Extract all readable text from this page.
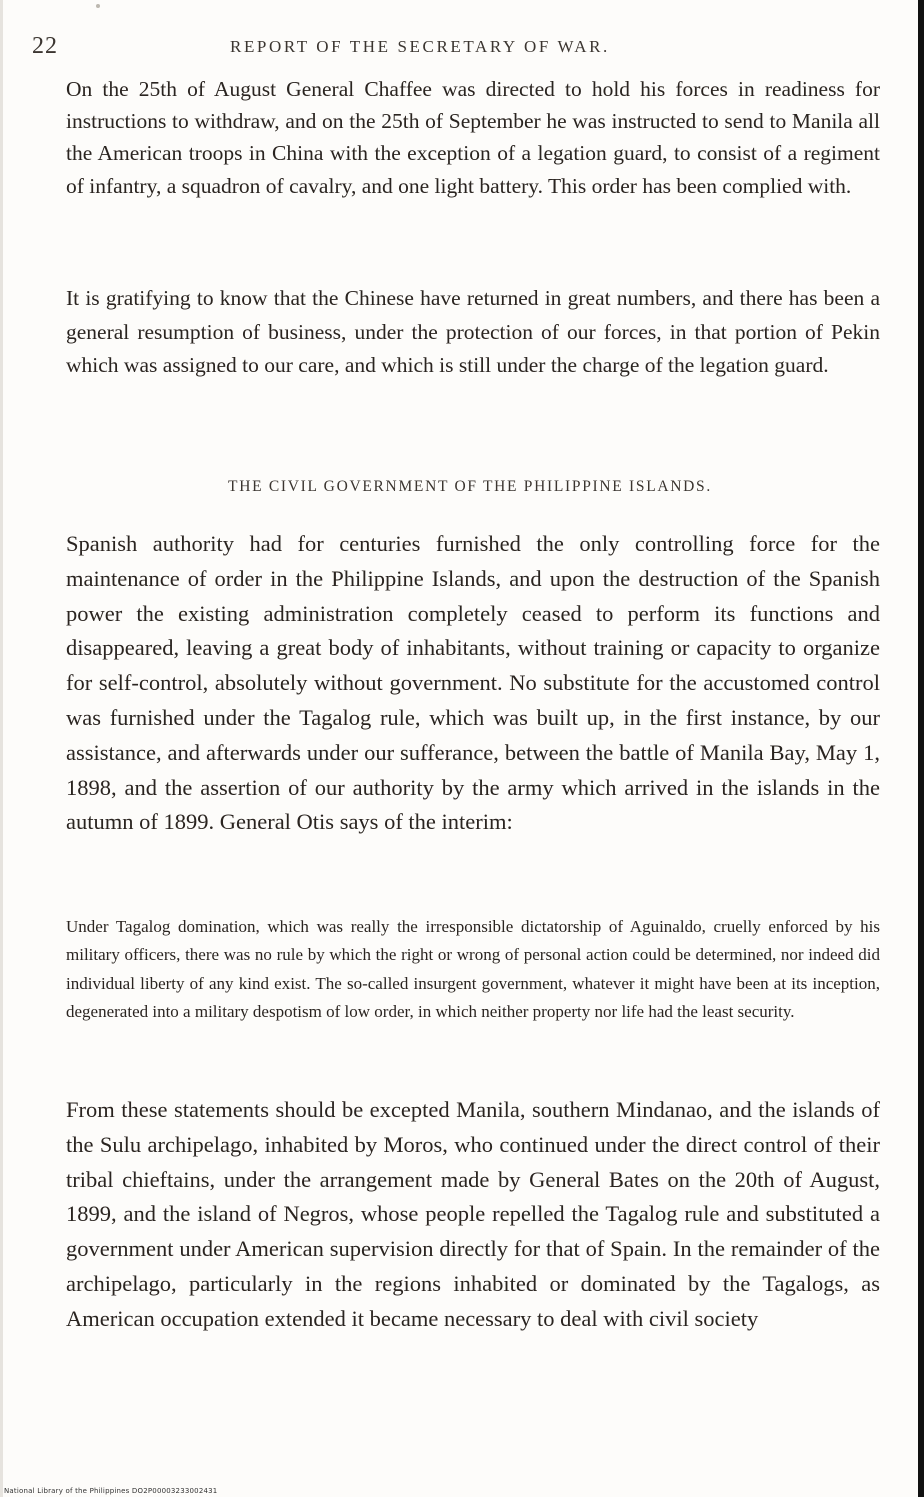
22	REPORT OF THE SECRETARY OF WAR.

On the 25th of August General Chaffee was directed to hold his forces in readiness for instructions to withdraw, and on the 25th of September he was instructed to send to Manila all the American troops in China with the exception of a legation guard, to consist of a regiment of infantry, a squadron of cavalry, and one light battery. This order has been complied with.

It is gratifying to know that the Chinese have returned in great numbers, and there has been a general resumption of business, under the protection of our forces, in that portion of Pekin which was assigned to our care, and which is still under the charge of the legation guard.

THE CIVIL GOVERNMENT OF THE PHILIPPINE ISLANDS.

Spanish authority had for centuries furnished the only controlling force for the maintenance of order in the Philippine Islands, and upon the destruction of the Spanish power the existing administration completely ceased to perform its functions and disappeared, leaving a great body of inhabitants, without training or capacity to organize for self-control, absolutely without government. No substitute for the accustomed control was furnished under the Tagalog rule, which was built up, in the first instance, by our assistance, and afterwards under our sufferance, between the battle of Manila Bay, May 1, 1898, and the assertion of our authority by the army which arrived in the islands in the autumn of 1899. General Otis says of the interim:

Under Tagalog domination, which was really the irresponsible dictatorship of Aguinaldo, cruelly enforced by his military officers, there was no rule by which the right or wrong of personal action could be determined, nor indeed did individual liberty of any kind exist. The so-called insurgent government, whatever it might have been at its inception, degenerated into a military despotism of low order, in which neither property nor life had the least security.

From these statements should be excepted Manila, southern Mindanao, and the islands of the Sulu archipelago, inhabited by Moros, who continued under the direct control of their tribal chieftains, under the arrangement made by General Bates on the 20th of August, 1899, and the island of Negros, whose people repelled the Tagalog rule and substituted a government under American supervision directly for that of Spain. In the remainder of the archipelago, particularly in the regions inhabited or dominated by the Tagalogs, as American occupation extended it became necessary to deal with civil society

National Library of the Philippines DO2P00003233002431
